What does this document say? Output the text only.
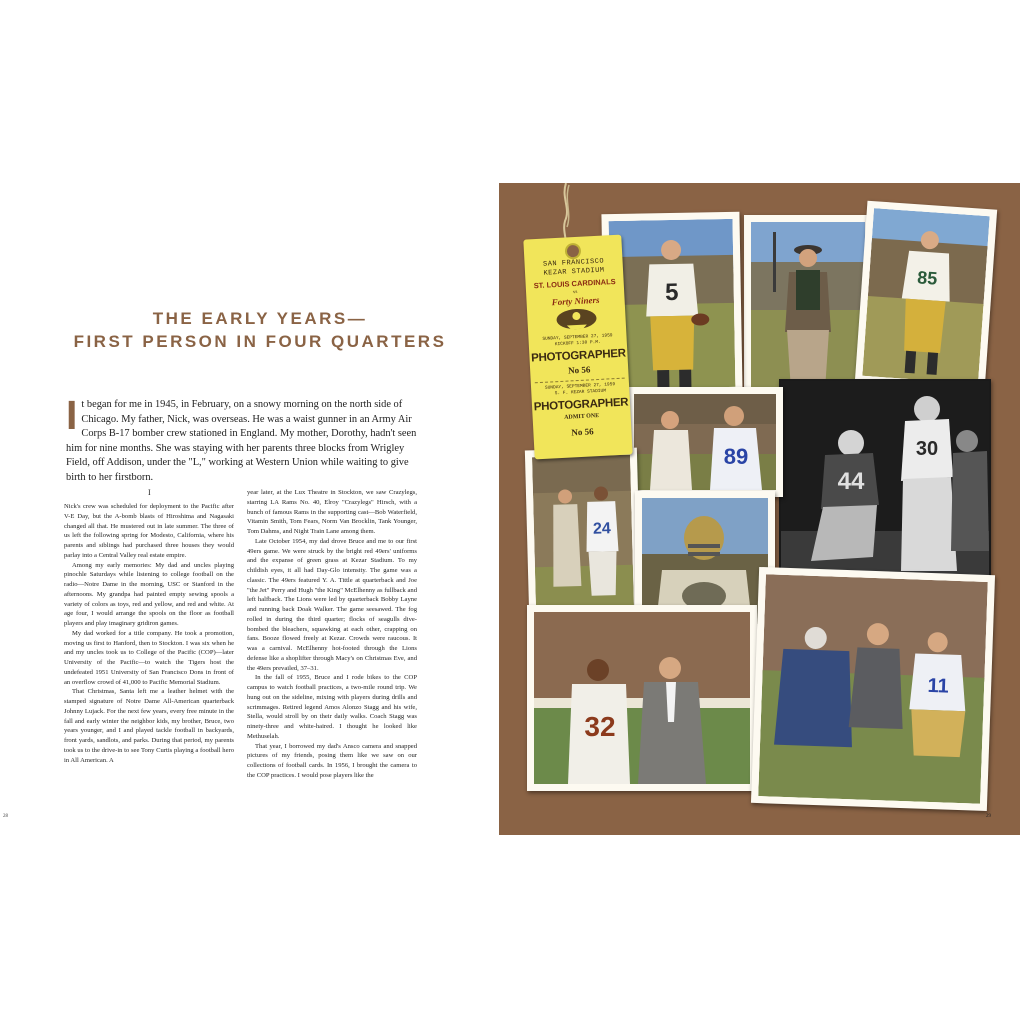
THE EARLY YEARS—
FIRST PERSON IN FOUR QUARTERS
It began for me in 1945, in February, on a snowy morning on the north side of Chicago. My father, Nick, was overseas. He was a waist gunner in an Army Air Corps B-17 bomber crew stationed in England. My mother, Dorothy, hadn't seen him for nine months. She was staying with her parents three blocks from Wrigley Field, off Addison, under the "L," working at Western Union while waiting to give birth to her firstborn.
I

Nick's crew was scheduled for deployment to the Pacific after V-E Day, but the A-bomb blasts of Hiroshima and Nagasaki changed all that. He mustered out in late summer. The three of us left the following spring for Modesto, California, where his parents and siblings had purchased three houses they would parlay into a Central Valley real estate empire.

Among my early memories: My dad and uncles playing pinochle Saturdays while listening to college football on the radio—Notre Dame in the morning, USC or Stanford in the afternoons. My grandpa had painted empty sewing spools a variety of colors as toys, red and yellow, and red and white. At age four, I would arrange the spools on the floor as football players and play imaginary gridiron games.

My dad worked for a title company. He took a promotion, moving us first to Hanford, then to Stockton. I was six when he and my uncles took us to College of the Pacific (COP)—later University of the Pacific—to watch the Tigers host the undefeated 1951 University of San Francisco Dons in front of an overflow crowd of 41,000 to Pacific Memorial Stadium.

That Christmas, Santa left me a leather helmet with the stamped signature of Notre Dame All-American quarterback Johnny Lujack. For the next few years, every free minute in the fall and early winter the neighbor kids, my brother, Bruce, two years younger, and I and played tackle football in backyards, front yards, sandlots, and parks. During that period, my parents took us to the drive-in to see Tony Curtis playing a football hero in All American. A

year later, at the Lux Theatre in Stockton, we saw Crazylegs, starring LA Rams No. 40, Elroy "Crazylegs" Hirsch, with a bunch of famous Rams in the supporting cast—Bob Waterfield, Vitamin Smith, Tom Fears, Norm Van Brocklin, Tank Younger, Tom Dahms, and Night Train Lane among them.

Late October 1954, my dad drove Bruce and me to our first 49ers game. We were struck by the bright red 49ers' uniforms and the expanse of green grass at Kezar Stadium. To my childish eyes, it all had Day-Glo intensity. The game was a classic. The 49ers featured Y. A. Tittle at quarterback and Joe "the Jet" Perry and Hugh "the King" McElhenny as fullback and left halfback. The Lions were led by quarterback Bobby Layne and running back Doak Walker. The game seesawed. The fog rolled in during the third quarter; flocks of seagulls dive-bombed the bleachers, squawking at each other, crapping on fans. Booze flowed freely at Kezar. Crowds were raucous. It was a carnival. McElhenny hot-footed through the Lions defense like a shoplifter through Macy's on Christmas Eve, and the 49ers prevailed, 37–31.

In the fall of 1955, Bruce and I rode bikes to the COP campus to watch football practices, a two-mile round trip. We hung out on the sideline, mixing with players during drills and scrimmages. Retired legend Amos Alonzo Stagg and his wife, Stella, would stroll by on their daily walks. Coach Stagg was ninety-three and white-haired. I thought he looked like Methuselah.

That year, I borrowed my dad's Ansco camera and snapped pictures of my friends, posing them like we saw on our collections of football cards. In 1956, I brought the camera to the COP practices. I would pose players like the

28
5
85
44
30
89
24
32
11
SAN FRANCISCO
KEZAR STADIUM
ST. LOUIS CARDINALS
vs
Forty Niners
SUNDAY, SEPTEMBER 27, 1959
KICKOFF 1:30 P.M.
PHOTOGRAPHER
No 56
SUNDAY, SEPTEMBER 27, 1959
S. F. KEZAR STADIUM
PHOTOGRAPHER
ADMIT ONE
No 56
29
